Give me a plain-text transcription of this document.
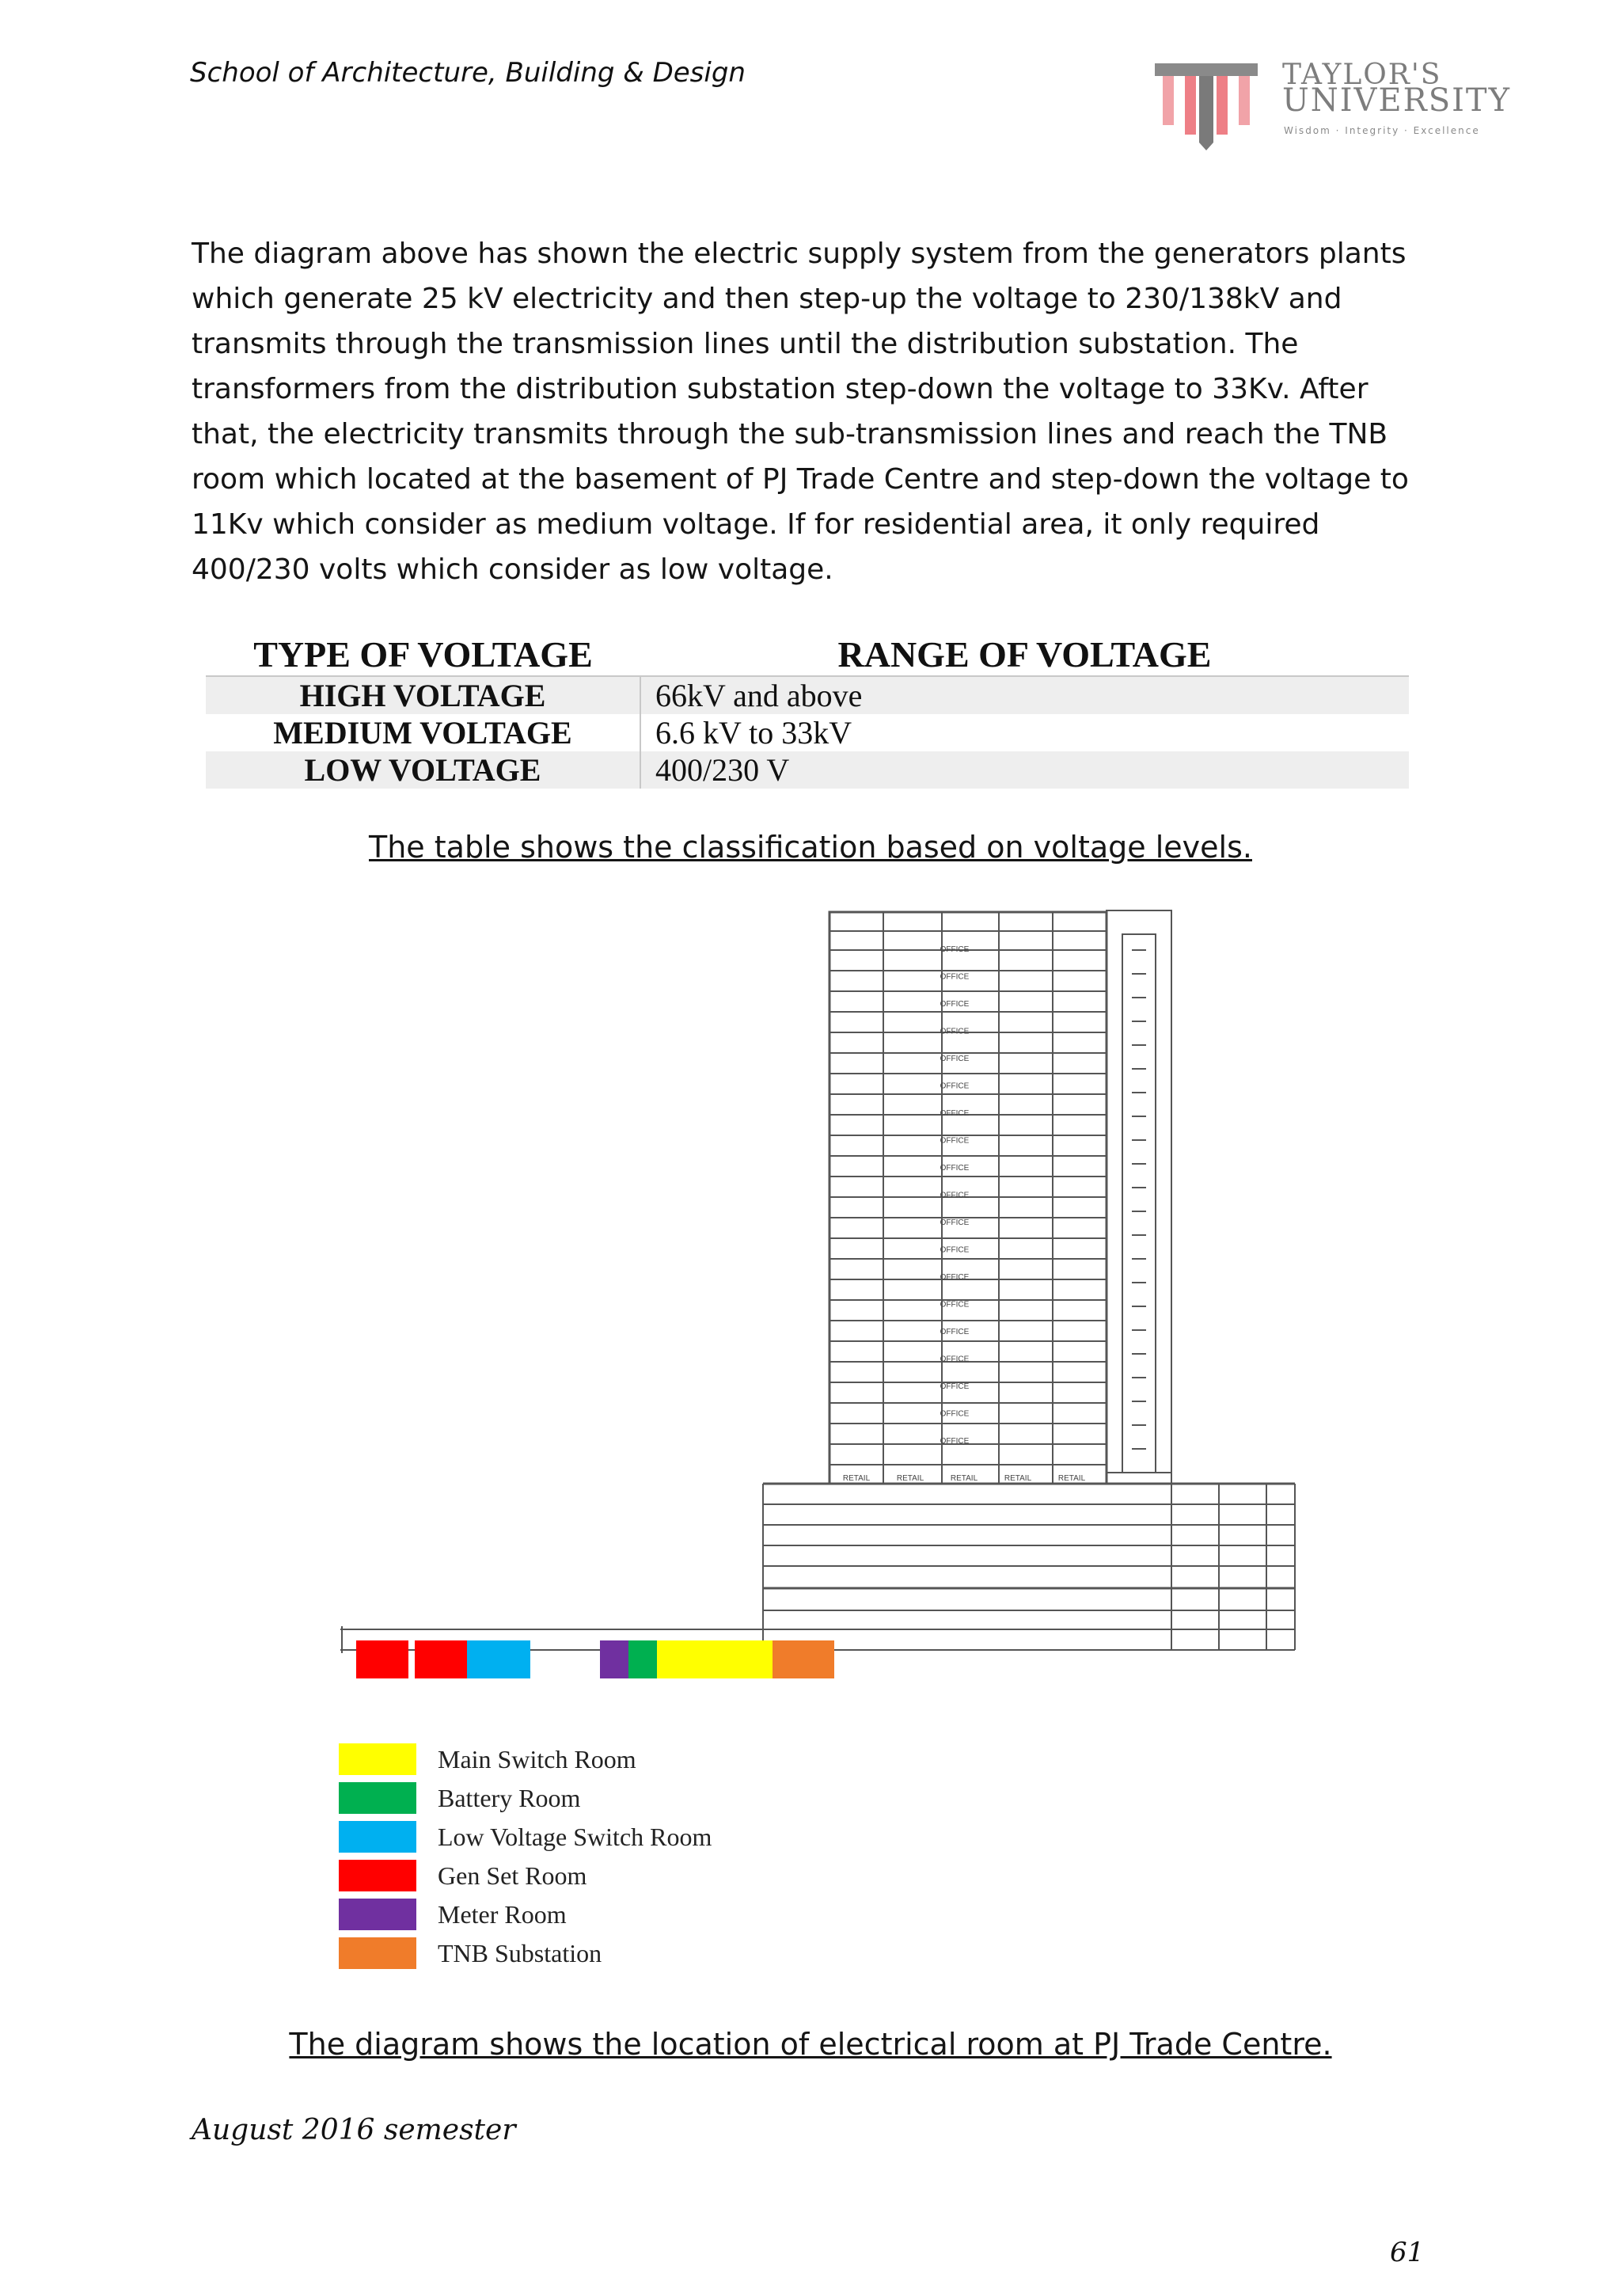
School of Architecture, Building & Design	TAYLOR'S
UNIVERSITY
Wisdom · Integrity · Excellence

The diagram above has shown the electric supply system from the generators plants which generate 25 kV electricity and then step-up the voltage to 230/138kV and transmits through the transmission lines until the distribution substation. The transformers from the distribution substation step-down the voltage to 33Kv. After that, the electricity transmits through the sub-transmission lines and reach the TNB room which located at the basement of PJ Trade Centre and step-down the voltage to 11Kv which consider as medium voltage. If for residential area, it only required 400/230 volts which consider as low voltage.

TYPE OF VOLTAGE	RANGE OF VOLTAGE
HIGH VOLTAGE	66kV and above
MEDIUM VOLTAGE	6.6 kV to 33kV
LOW VOLTAGE	400/230 V
The table shows the classification based on voltage levels.
OFFICE
OFFICE
OFFICE
OFFICE
OFFICE
OFFICE
OFFICE
OFFICE
OFFICE
OFFICE
OFFICE
OFFICE
OFFICE
OFFICE
OFFICE
OFFICE
OFFICE
OFFICE
OFFICE
RETAIL	RETAIL	RETAIL	RETAIL	RETAIL
Main Switch Room
Battery Room
Low Voltage Switch Room
Gen Set Room
Meter Room
TNB Substation
The diagram shows the location of electrical room at PJ Trade Centre.
August 2016 semester
61
